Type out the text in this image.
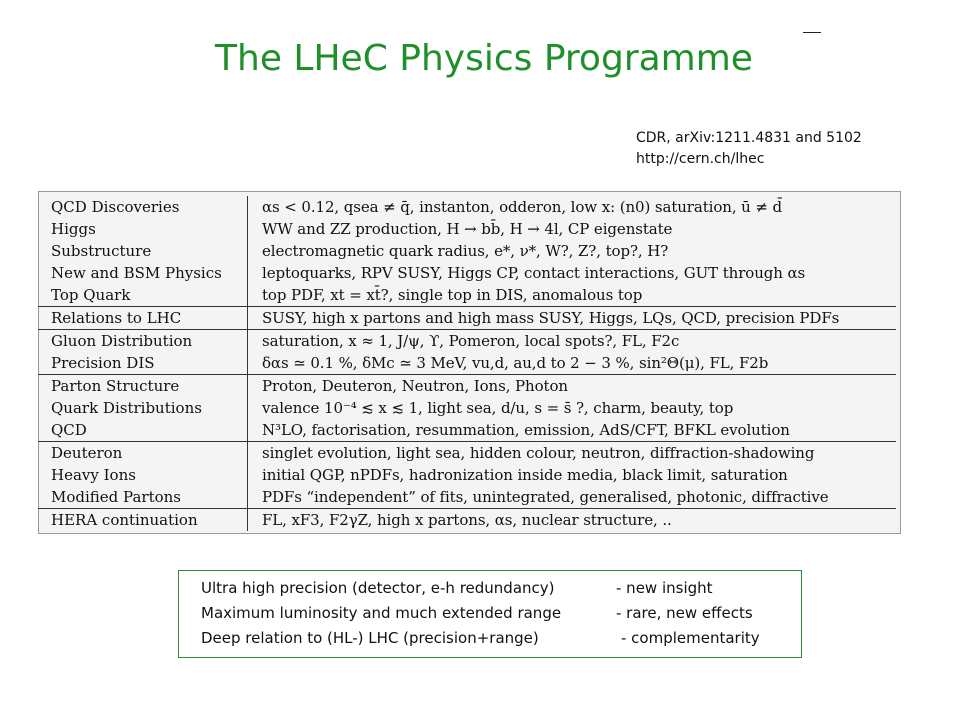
The LHeC Physics Programme
CDR, arXiv:1211.4831 and 5102
http://cern.ch/lhec
QCD Discoveries	αs < 0.12, qsea ≠ q̄, instanton, odderon, low x: (n0) saturation, ū ≠ d̄
Higgs	WW and ZZ production, H → bb̄, H → 4l, CP eigenstate
Substructure	electromagnetic quark radius, e*, ν*, W?, Z?, top?, H?
New and BSM Physics	leptoquarks, RPV SUSY, Higgs CP, contact interactions, GUT through αs
Top Quark	top PDF, xt = xt̄?, single top in DIS, anomalous top
Relations to LHC	SUSY, high x partons and high mass SUSY, Higgs, LQs, QCD, precision PDFs
Gluon Distribution	saturation, x ≈ 1, J/ψ, ϒ, Pomeron, local spots?, FL, F2c
Precision DIS	δαs ≃ 0.1 %, δMc ≃ 3 MeV, vu,d, au,d to 2 − 3 %, sin²Θ(μ), FL, F2b
Parton Structure	Proton, Deuteron, Neutron, Ions, Photon
Quark Distributions	valence 10⁻⁴ ≲ x ≲ 1, light sea, d/u, s = s̄ ?, charm, beauty, top
QCD	N³LO, factorisation, resummation, emission, AdS/CFT, BFKL evolution
Deuteron	singlet evolution, light sea, hidden colour, neutron, diffraction-shadowing
Heavy Ions	initial QGP, nPDFs, hadronization inside media, black limit, saturation
Modified Partons	PDFs “independent” of fits, unintegrated, generalised, photonic, diffractive
HERA continuation	FL, xF3, F2γZ, high x partons, αs, nuclear structure, ..
Ultra high precision (detector, e-h redundancy)	- new insight
Maximum luminosity and much extended range	- rare, new effects
Deep relation to (HL-) LHC (precision+range)	- complementarity
